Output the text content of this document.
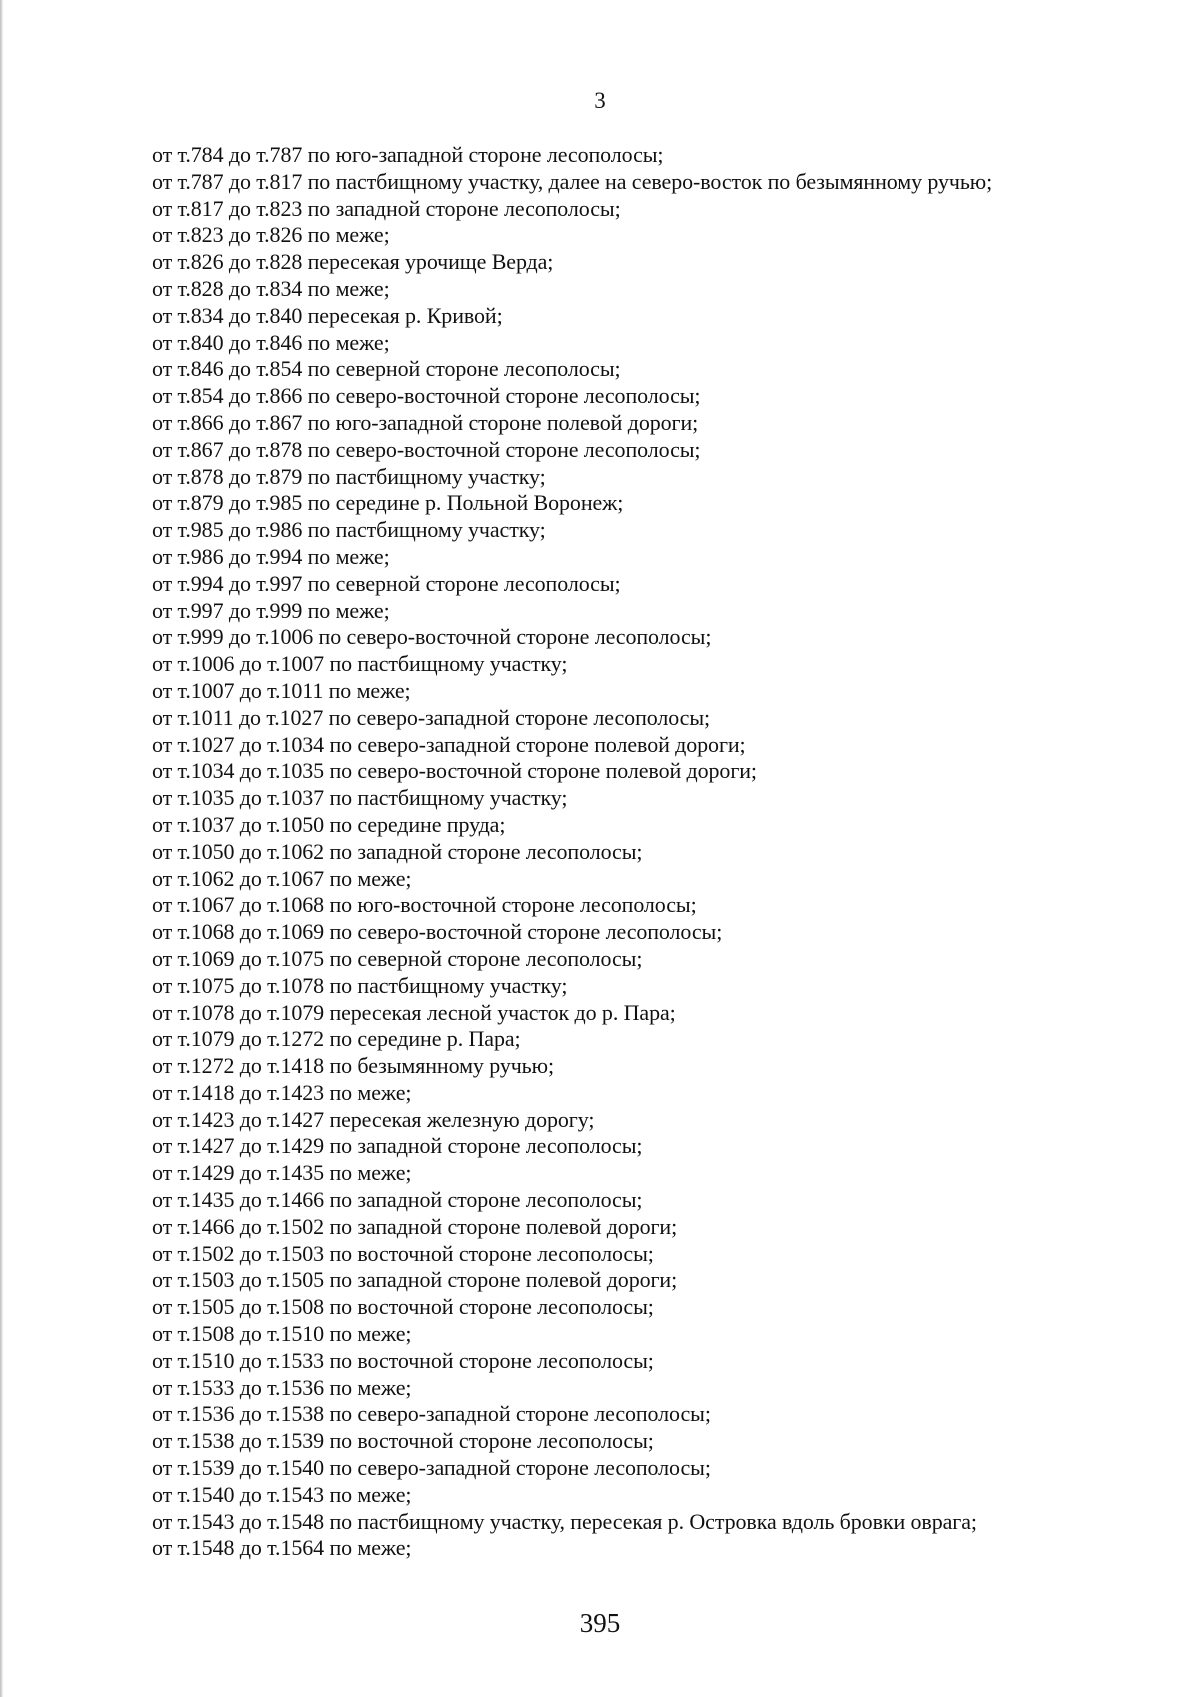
3
от т.784 до т.787 по юго-западной стороне лесополосы;
от т.787 до т.817 по пастбищному участку, далее на северо-восток по безымянному ручью;
от т.817 до т.823 по западной стороне лесополосы;
от т.823 до т.826 по меже;
от т.826 до т.828 пересекая урочище Верда;
от т.828 до т.834 по меже;
от т.834 до т.840 пересекая р. Кривой;
от т.840 до т.846 по меже;
от т.846 до т.854 по северной стороне лесополосы;
от т.854 до т.866 по северо-восточной стороне лесополосы;
от т.866 до т.867 по юго-западной стороне полевой дороги;
от т.867 до т.878 по северо-восточной стороне лесополосы;
от т.878 до т.879 по пастбищному участку;
от т.879 до т.985 по середине р. Польной Воронеж;
от т.985 до т.986 по пастбищному участку;
от т.986 до т.994 по меже;
от т.994 до т.997 по северной стороне лесополосы;
от т.997 до т.999 по меже;
от т.999 до т.1006 по северо-восточной стороне лесополосы;
от т.1006 до т.1007 по пастбищному участку;
от т.1007 до т.1011 по меже;
от т.1011 до т.1027 по северо-западной стороне лесополосы;
от т.1027 до т.1034 по северо-западной стороне полевой дороги;
от т.1034 до т.1035 по северо-восточной стороне полевой дороги;
от т.1035 до т.1037 по пастбищному участку;
от т.1037 до т.1050 по середине пруда;
от т.1050 до т.1062 по западной стороне лесополосы;
от т.1062 до т.1067 по меже;
от т.1067 до т.1068 по юго-восточной стороне лесополосы;
от т.1068 до т.1069 по северо-восточной стороне лесополосы;
от т.1069 до т.1075 по северной стороне лесополосы;
от т.1075 до т.1078 по пастбищному участку;
от т.1078 до т.1079 пересекая лесной участок до р. Пара;
от т.1079 до т.1272 по середине р. Пара;
от т.1272 до т.1418 по безымянному ручью;
от т.1418 до т.1423 по меже;
от т.1423 до т.1427 пересекая железную дорогу;
от т.1427 до т.1429 по западной стороне лесополосы;
от т.1429 до т.1435 по меже;
от т.1435 до т.1466 по западной стороне лесополосы;
от т.1466 до т.1502 по западной стороне полевой дороги;
от т.1502 до т.1503 по восточной стороне лесополосы;
от т.1503 до т.1505 по западной стороне полевой дороги;
от т.1505 до т.1508 по восточной стороне лесополосы;
от т.1508 до т.1510 по меже;
от т.1510 до т.1533 по восточной стороне лесополосы;
от т.1533 до т.1536 по меже;
от т.1536 до т.1538 по северо-западной стороне лесополосы;
от т.1538 до т.1539 по восточной стороне лесополосы;
от т.1539 до т.1540 по северо-западной стороне лесополосы;
от т.1540 до т.1543 по меже;
от т.1543 до т.1548 по пастбищному участку, пересекая р. Островка вдоль бровки оврага;
от т.1548 до т.1564 по меже;
395
